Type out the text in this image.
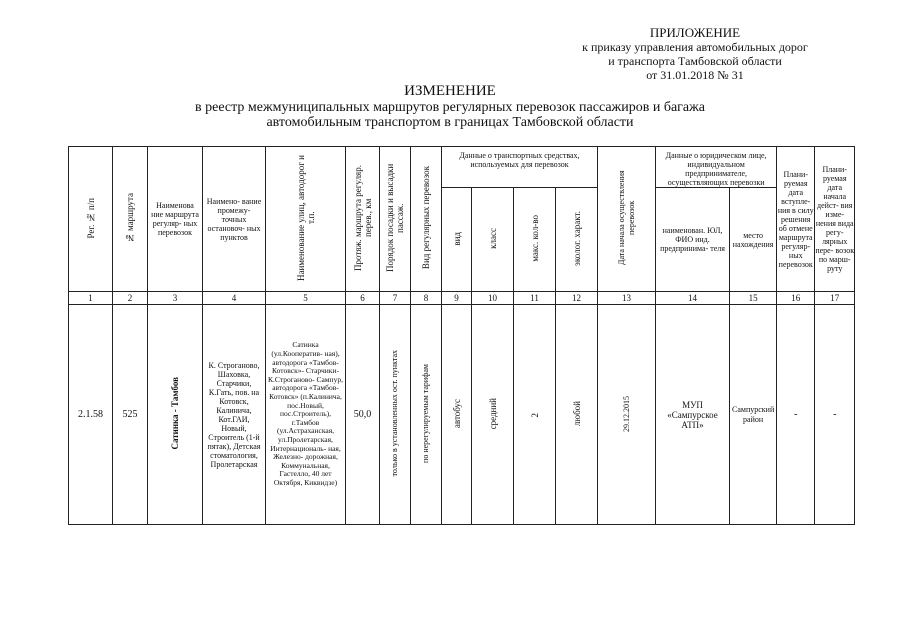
ПРИЛОЖЕНИЕ
к приказу управления автомобильных дорог
и транспорта Тамбовской области
от 31.01.2018 № 31
ИЗМЕНЕНИЕ
в реестр межмуниципальных маршрутов регулярных перевозок пассажиров и багажа
автомобильным транспортом в границах Тамбовской области
Рег. № п/п	№ маршрута	Наименова ние маршрута регуляр- ных перевозок	Наимено- вание промежу- точных остановоч- ных пунктов	Наименование улиц, автодорог и т.п.	Протяж. маршрута регуляр. перев., км	Порядок посадки и высадки пассаж.	Вид регулярных перевозок	Данные о транспортных средствах, используемых для перевозок				Дата начала осуществления перевозок	Данные о юридическом лице, индивидуальном предпринимателе, осуществляющих перевозки		Плани- руемая дата вступле- ния в силу решения об отмене маршрута регуляр- ных перевозок	Плани- руемая дата начала дейст- вия изме- нения вида регу- лярных пере- возок по марш- руту
								вид	класс	макс. кол-во	эколог. характ.		наименован. ЮЛ, ФИО инд. предпринима- теля	место нахождения		

1	2	3	4	5	6	7	8	9	10	11	12	13	14	15	16	17
2.1.58	525	Сатинка - Тамбов	К. Строганово, Шаховка, Старчики, К.Гать, пов. на Котовск, Калинича, Кот.ГАИ, Новый, Строитель (1-й пятак), Детская стоматология, Пролетарская	Сатинка (ул.Кооператив- ная), автодорога «Тамбов- Котовск»- Старчики- К.Строганово- Сампур, автодорога «Тамбов-Котовск» (п.Калинича, пос.Новый, пос.Строитель), г.Тамбов (ул.Астраханская, ул.Пролетарская, Интернациональ- ная, Железно- дорожная, Коммунальная, Гастелло, 40 лет Октября, Киквидзе)	50,0	только в установленных ост. пунктах	по нерегулируемым тарифам	автобус	средний	2	любой	29.12.2015	МУП «Сампурское АТП»	Сампурский район	-	-
